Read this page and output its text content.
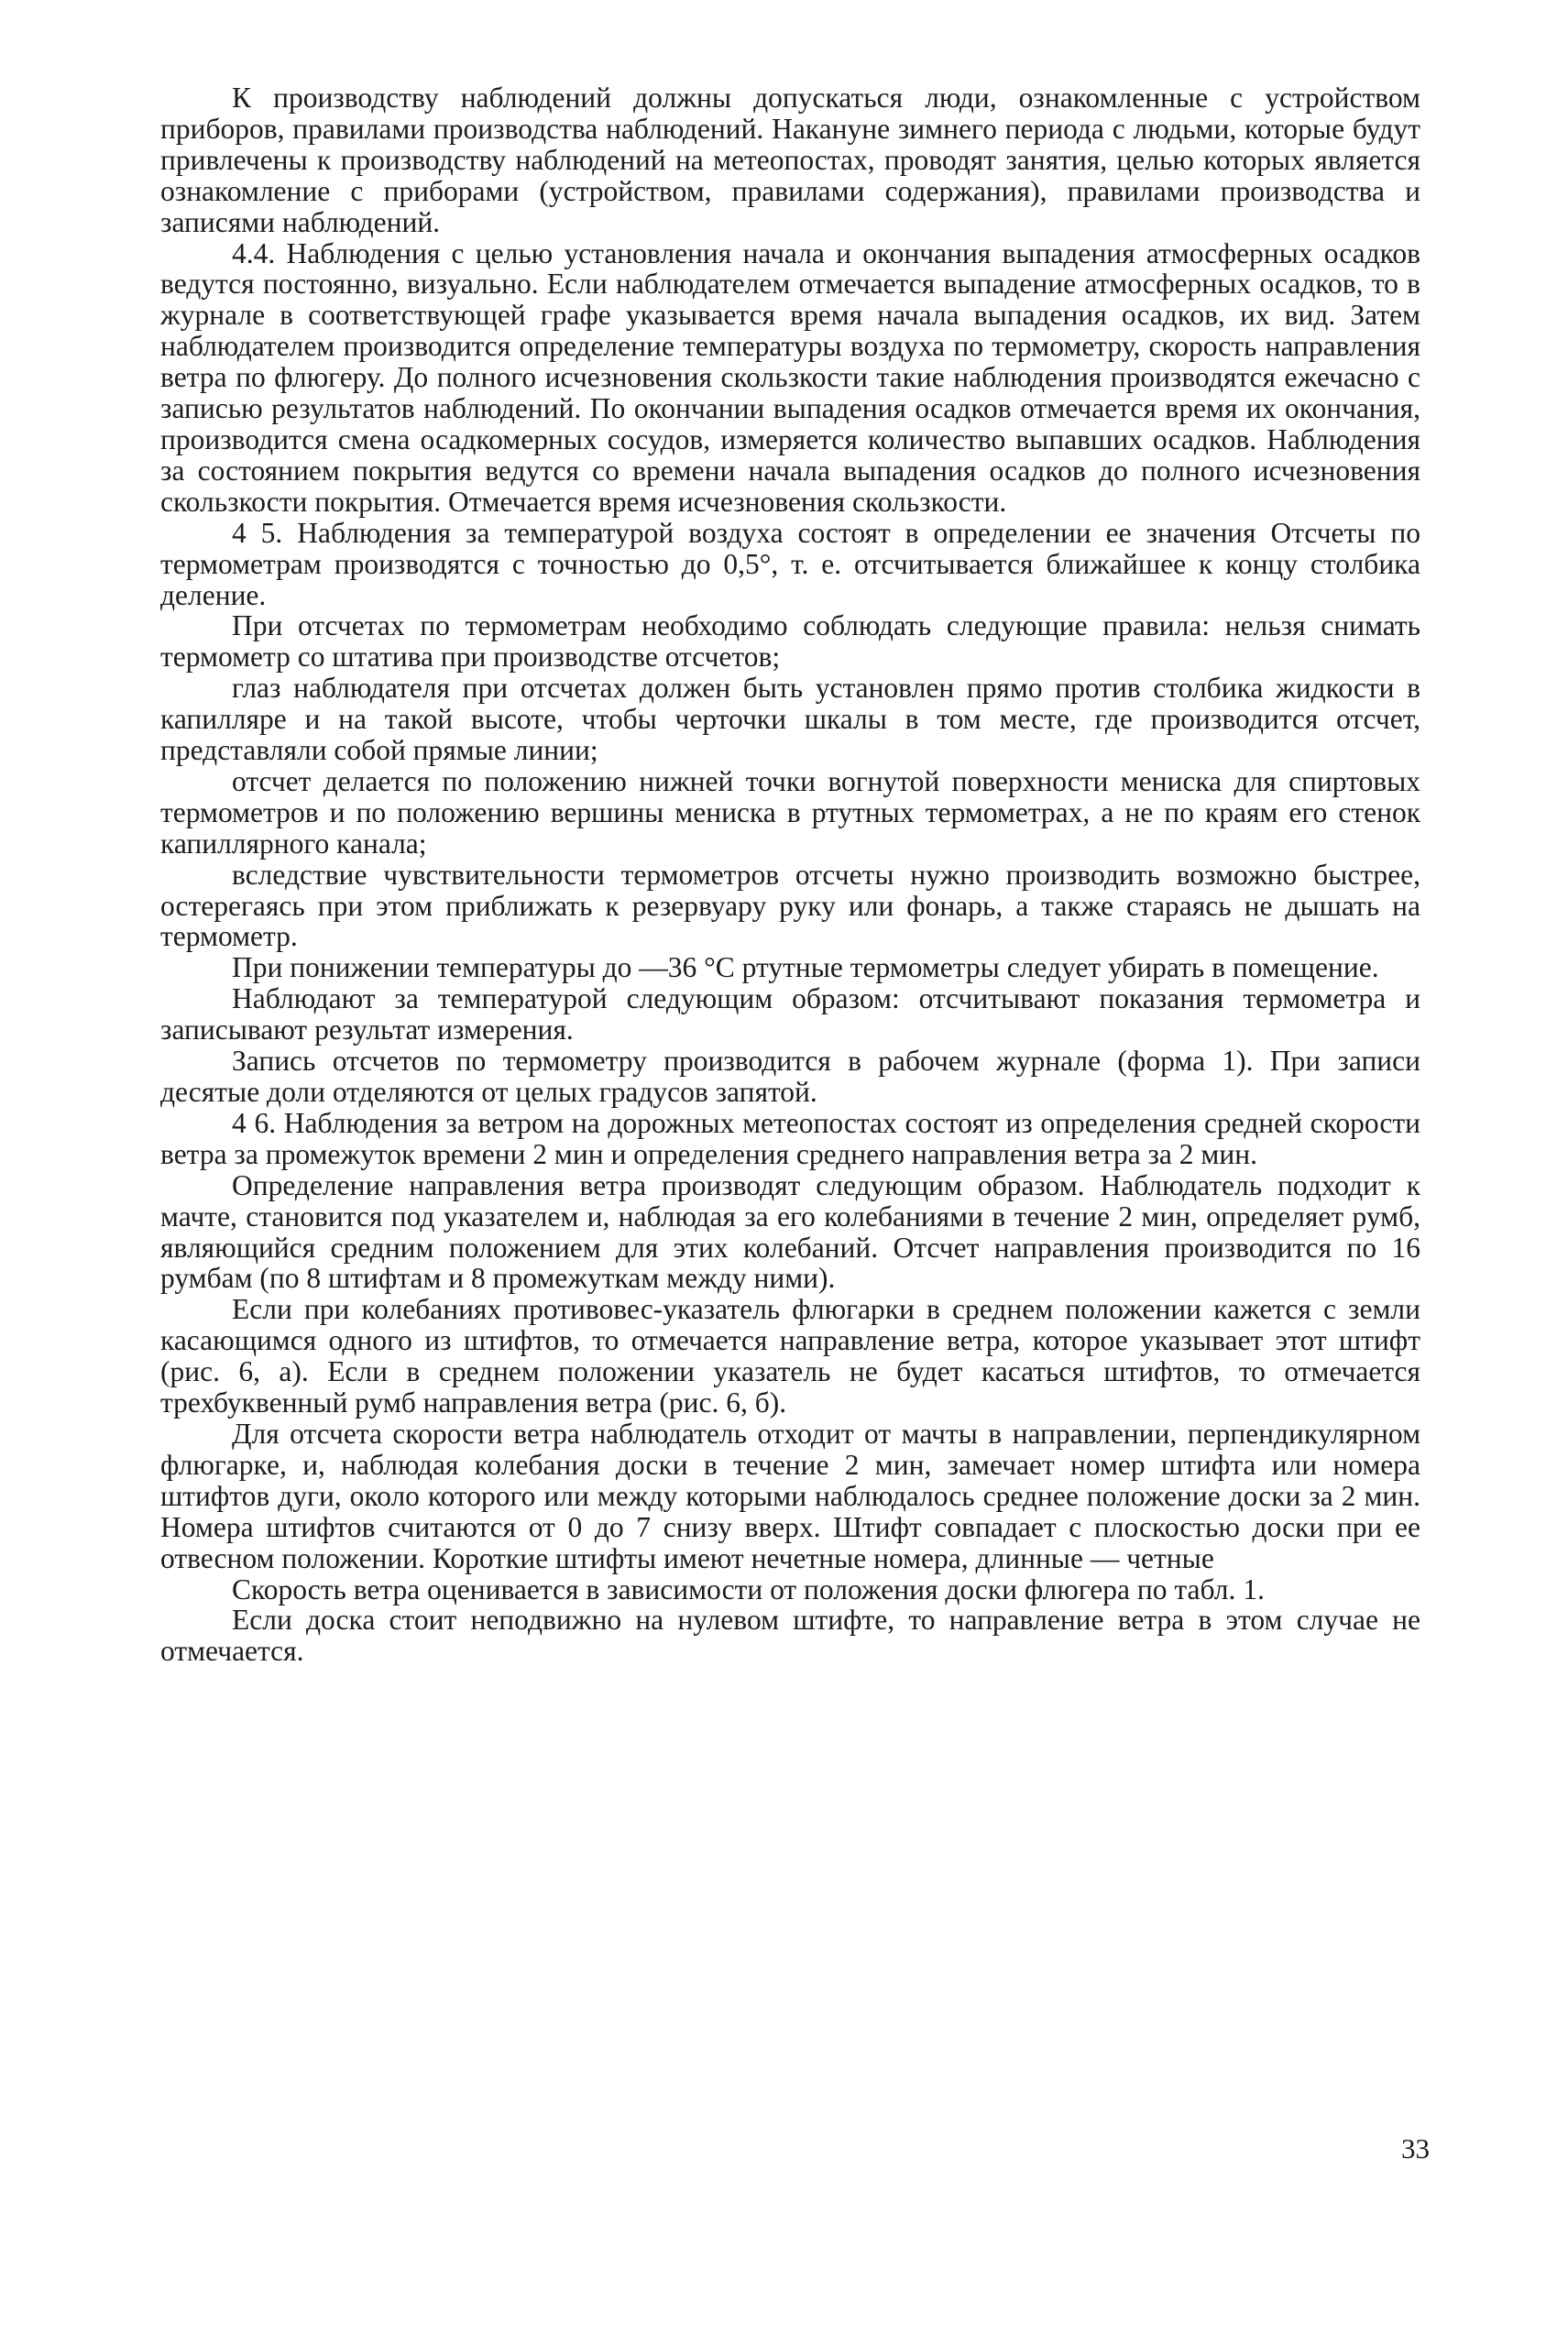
К производству наблюдений должны допускаться люди, ознакомленные с устройством приборов, правилами производства наблюдений. Накануне зимнего периода с людьми, которые будут привлечены к производству наблюдений на метеопостах, проводят занятия, целью которых является ознакомление с приборами (устройством, правилами содержания), правилами производства и записями наблюдений.

4.4. Наблюдения с целью установления начала и окончания выпадения атмосферных осадков ведутся постоянно, визуально. Если наблюдателем отмечается выпадение атмосферных осадков, то в журнале в соответствующей графе указывается время начала выпадения осадков, их вид. Затем наблюдателем производится определение температуры воздуха по термометру, скорость направления ветра по флюгеру. До полного исчезновения скользкости такие наблюдения производятся ежечасно с записью результатов наблюдений. По окончании выпадения осадков отмечается время их окончания, производится смена осадкомерных сосудов, измеряется количество выпавших осадков. Наблюдения за состоянием покрытия ведутся со времени начала выпадения осадков до полного исчезновения скользкости покрытия. Отмечается время исчезновения скользкости.

4 5. Наблюдения за температурой воздуха состоят в определении ее значения Отсчеты по термометрам производятся с точностью до 0,5°, т. е. отсчитывается ближайшее к концу столбика деление.

При отсчетах по термометрам необходимо соблюдать следующие правила: нельзя снимать термометр со штатива при производстве отсчетов;

глаз наблюдателя при отсчетах должен быть установлен прямо против столбика жидкости в капилляре и на такой высоте, чтобы черточки шкалы в том месте, где производится отсчет, представляли собой прямые линии;

отсчет делается по положению нижней точки вогнутой поверхности мениска для спиртовых термометров и по положению вершины мениска в ртутных термометрах, а не по краям его стенок капиллярного канала;

вследствие чувствительности термометров отсчеты нужно производить возможно быстрее, остерегаясь при этом приближать к резервуару руку или фонарь, а также стараясь не дышать на термометр.

При понижении температуры до —36 °C ртутные термометры следует убирать в помещение.

Наблюдают за температурой следующим образом: отсчитывают показания термометра и записывают результат измерения.

Запись отсчетов по термометру производится в рабочем журнале (форма 1). При записи десятые доли отделяются от целых градусов запятой.

4 6. Наблюдения за ветром на дорожных метеопостах состоят из определения средней скорости ветра за промежуток времени 2 мин и определения среднего направления ветра за 2 мин.

Определение направления ветра производят следующим образом. Наблюдатель подходит к мачте, становится под указателем и, наблюдая за его колебаниями в течение 2 мин, определяет румб, являющийся средним положением для этих колебаний. Отсчет направления производится по 16 румбам (по 8 штифтам и 8 промежуткам между ними).

Если при колебаниях противовес-указатель флюгарки в среднем положении кажется с земли касающимся одного из штифтов, то отмечается направление ветра, которое указывает этот штифт (рис. 6, а). Если в среднем положении указатель не будет касаться штифтов, то отмечается трехбуквенный румб направления ветра (рис. 6, б).

Для отсчета скорости ветра наблюдатель отходит от мачты в направлении, перпендикулярном флюгарке, и, наблюдая колебания доски в течение 2 мин, замечает номер штифта или номера штифтов дуги, около которого или между которыми наблюдалось среднее положение доски за 2 мин. Номера штифтов считаются от 0 до 7 снизу вверх. Штифт совпадает с плоскостью доски при ее отвесном положении. Короткие штифты имеют нечетные номера, длинные — четные

Скорость ветра оценивается в зависимости от положения доски флюгера по табл. 1.

Если доска стоит неподвижно на нулевом штифте, то направление ветра в этом случае не отмечается.

33
